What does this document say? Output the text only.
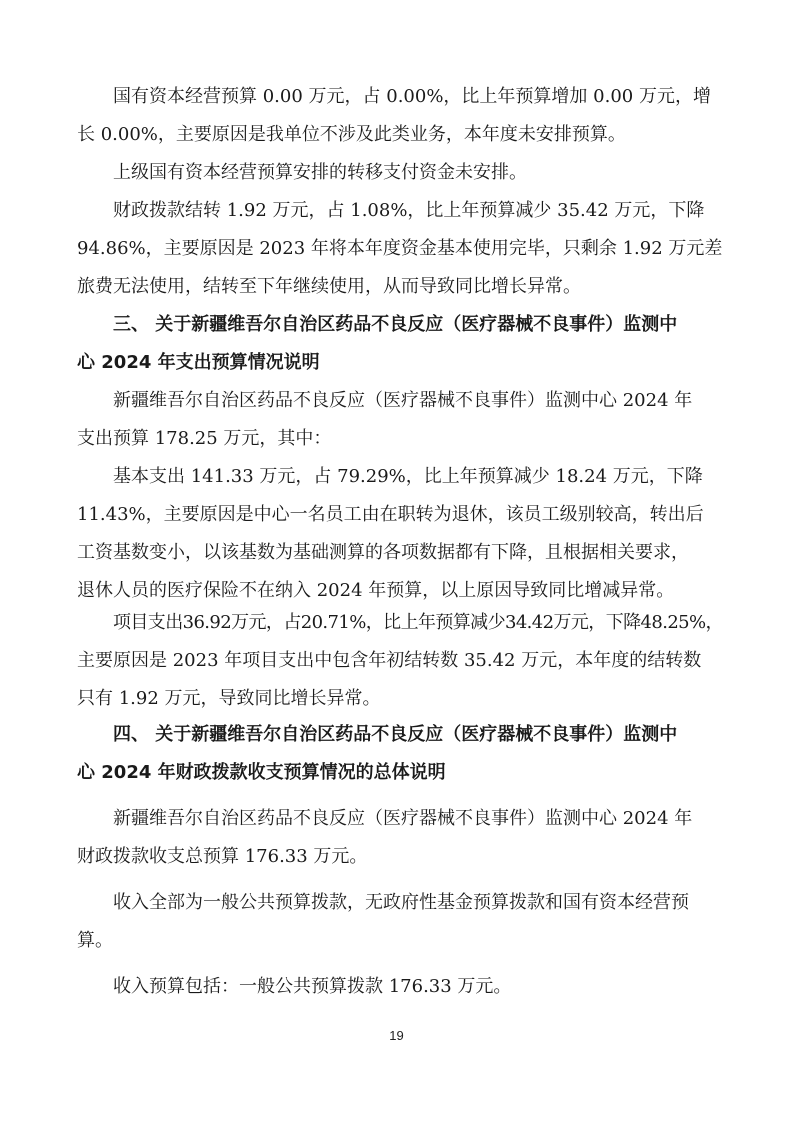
国有资本经营预算 0.00 万元，占 0.00%，比上年预算增加 0.00 万元，增
长 0.00%，主要原因是我单位不涉及此类业务，本年度未安排预算。
上级国有资本经营预算安排的转移支付资金未安排。
财政拨款结转 1.92 万元，占 1.08%，比上年预算减少 35.42 万元，下降
94.86%，主要原因是 2023 年将本年度资金基本使用完毕，只剩余 1.92 万元差
旅费无法使用，结转至下年继续使用，从而导致同比增长异常。
三、 关于新疆维吾尔自治区药品不良反应（医疗器械不良事件）监测中
心 2024 年支出预算情况说明
新疆维吾尔自治区药品不良反应（医疗器械不良事件）监测中心 2024 年
支出预算 178.25 万元，其中：
基本支出 141.33 万元，占 79.29%，比上年预算减少 18.24 万元，下降
11.43%，主要原因是中心一名员工由在职转为退休，该员工级别较高，转出后
工资基数变小，以该基数为基础测算的各项数据都有下降，且根据相关要求，
退休人员的医疗保险不在纳入 2024 年预算，以上原因导致同比增减异常。
项目支出36.92万元，占20.71%，比上年预算减少34.42万元，下降48.25%，
主要原因是 2023 年项目支出中包含年初结转数 35.42 万元，本年度的结转数
只有 1.92 万元，导致同比增长异常。
四、 关于新疆维吾尔自治区药品不良反应（医疗器械不良事件）监测中
心 2024 年财政拨款收支预算情况的总体说明
新疆维吾尔自治区药品不良反应（医疗器械不良事件）监测中心 2024 年
财政拨款收支总预算 176.33 万元。
收入全部为一般公共预算拨款，无政府性基金预算拨款和国有资本经营预
算。
收入预算包括：一般公共预算拨款 176.33 万元。
19
